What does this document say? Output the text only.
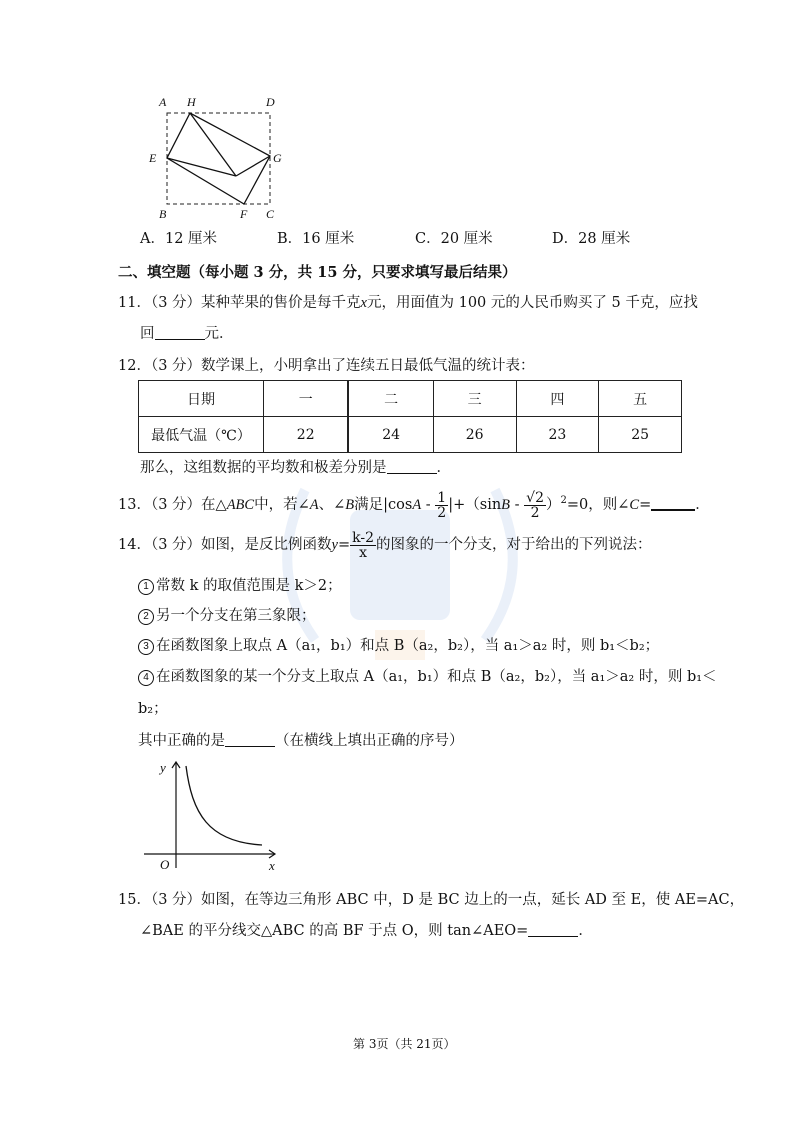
A H	D
E	G
B	F C
A．12 厘米	B．16 厘米	C．20 厘米	D．28 厘米
二、填空题（每小题 3 分，共 15 分，只要求填写最后结果）
11．（3 分）某种苹果的售价是每千克x元，用面值为 100 元的人民币购买了 5 千克，应找
回	元．
12．（3 分）数学课上，小明拿出了连续五日最低气温的统计表：
日期	一	二	三	四	五
最低气温（℃）	22	24	26	23	25
那么，这组数据的平均数和极差分别是	．
13．（3 分）在△ABC中，若∠A、∠B满足$|\cos A - \frac{1}{2} |+(\sin B - \frac{√2}{2} )^2=0$，则∠C=	．
14．（3 分）如图，是反比例函数$y= \frac{k-2}{x}$ 的图象的一个分支，对于给出的下列说法：
1 常数 k 的取值范围是 k＞2；
2 另一个分支在第三象限；
3 在函数图象上取点 A（a₁，b₁）和点 B（a₂，b₂），当 a₁＞a₂ 时，则 b₁＜b₂；
4 在函数图象的某一个分支上取点 A（a₁，b₁）和点 B（a₂，b₂），当 a₁＞a₂ 时，则 b₁＜
b₂；
其中正确的是	（在横线上填出正确的序号）
y
x
O
15．（3 分）如图，在等边三角形 ABC 中，D 是 BC 边上的一点，延长 AD 至 E，使 AE=AC，
∠BAE 的平分线交△ABC 的高 BF 于点 O，则 tan∠AEO=	．
第 3页（共 21页）
